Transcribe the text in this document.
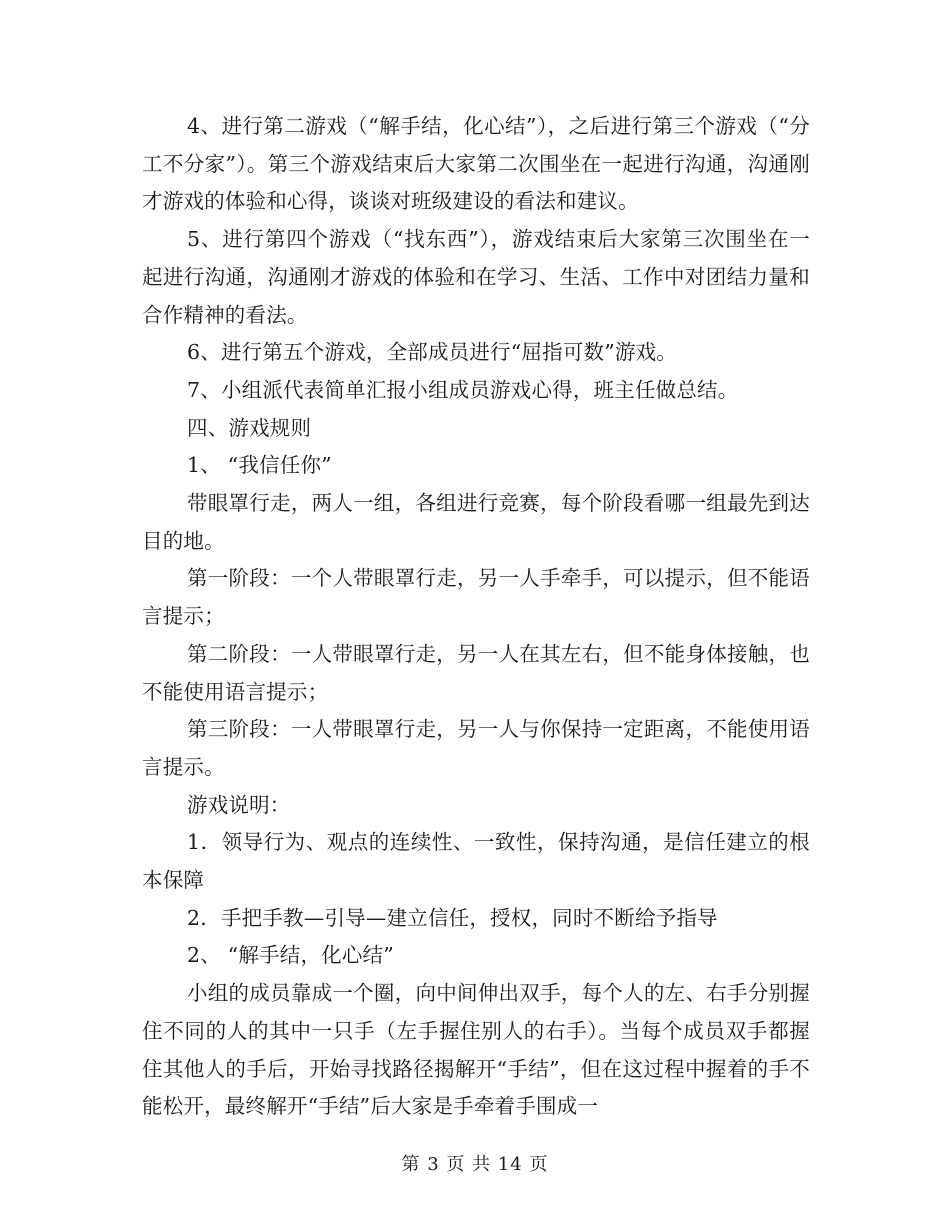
4、进行第二游戏（“解手结，化心结”），之后进行第三个游戏（“分工不分家”）。第三个游戏结束后大家第二次围坐在一起进行沟通，沟通刚才游戏的体验和心得，谈谈对班级建设的看法和建议。

5、进行第四个游戏（“找东西”），游戏结束后大家第三次围坐在一起进行沟通，沟通刚才游戏的体验和在学习、生活、工作中对团结力量和合作精神的看法。

6、进行第五个游戏，全部成员进行“屈指可数”游戏。

7、小组派代表简单汇报小组成员游戏心得，班主任做总结。

四、游戏规则

1、 “我信任你”

带眼罩行走，两人一组，各组进行竞赛，每个阶段看哪一组最先到达目的地。

第一阶段：一个人带眼罩行走，另一人手牵手，可以提示，但不能语言提示；

第二阶段：一人带眼罩行走，另一人在其左右，但不能身体接触，也不能使用语言提示；

第三阶段：一人带眼罩行走，另一人与你保持一定距离，不能使用语言提示。

游戏说明：

1．领导行为、观点的连续性、一致性，保持沟通，是信任建立的根本保障

2．手把手教—引导—建立信任，授权，同时不断给予指导

2、 “解手结，化心结”

小组的成员靠成一个圈，向中间伸出双手，每个人的左、右手分别握住不同的人的其中一只手（左手握住别人的右手）。当每个成员双手都握住其他人的手后，开始寻找路径揭解开“手结”，但在这过程中握着的手不能松开，最终解开“手结”后大家是手牵着手围成一

第 3 页 共 14 页
